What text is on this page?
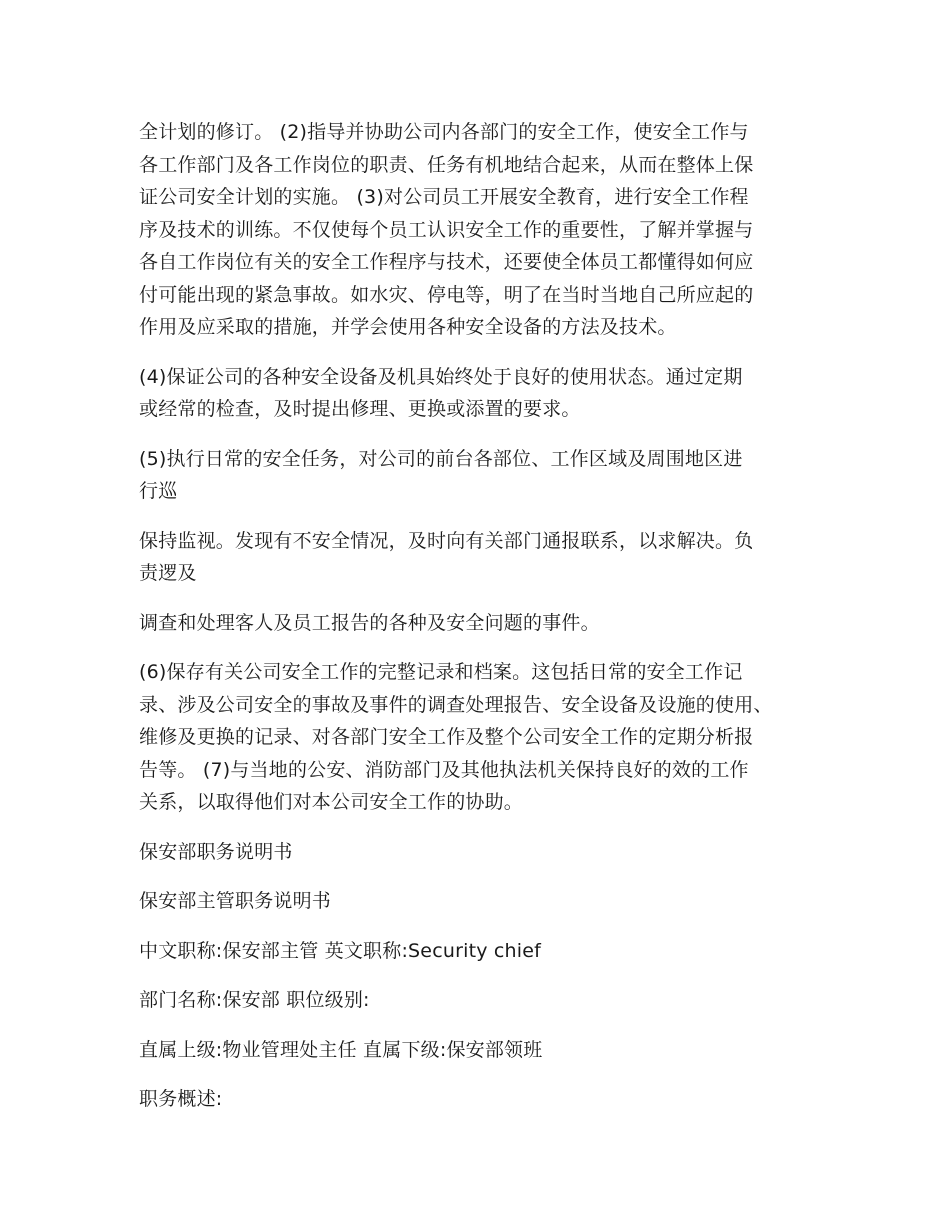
全计划的修订。 (2)指导并协助公司内各部门的安全工作，使安全工作与
各工作部门及各工作岗位的职责、任务有机地结合起来，从而在整体上保
证公司安全计划的实施。 (3)对公司员工开展安全教育，进行安全工作程
序及技术的训练。不仅使每个员工认识安全工作的重要性，了解并掌握与
各自工作岗位有关的安全工作程序与技术，还要使全体员工都懂得如何应
付可能出现的紧急事故。如水灾、停电等，明了在当时当地自己所应起的
作用及应采取的措施，并学会使用各种安全设备的方法及技术。

(4)保证公司的各种安全设备及机具始终处于良好的使用状态。通过定期
或经常的检查，及时提出修理、更换或添置的要求。

(5)执行日常的安全任务，对公司的前台各部位、工作区域及周围地区进
行巡

保持监视。发现有不安全情况，及时向有关部门通报联系，以求解决。负
责逻及

调查和处理客人及员工报告的各种及安全问题的事件。

(6)保存有关公司安全工作的完整记录和档案。这包括日常的安全工作记
录、涉及公司安全的事故及事件的调查处理报告、安全设备及设施的使用、
维修及更换的记录、对各部门安全工作及整个公司安全工作的定期分析报
告等。 (7)与当地的公安、消防部门及其他执法机关保持良好的效的工作
关系，以取得他们对本公司安全工作的协助。

保安部职务说明书

保安部主管职务说明书

中文职称:保安部主管 英文职称:Security chief

部门名称:保安部 职位级别:

直属上级:物业管理处主任 直属下级:保安部领班

职务概述:
